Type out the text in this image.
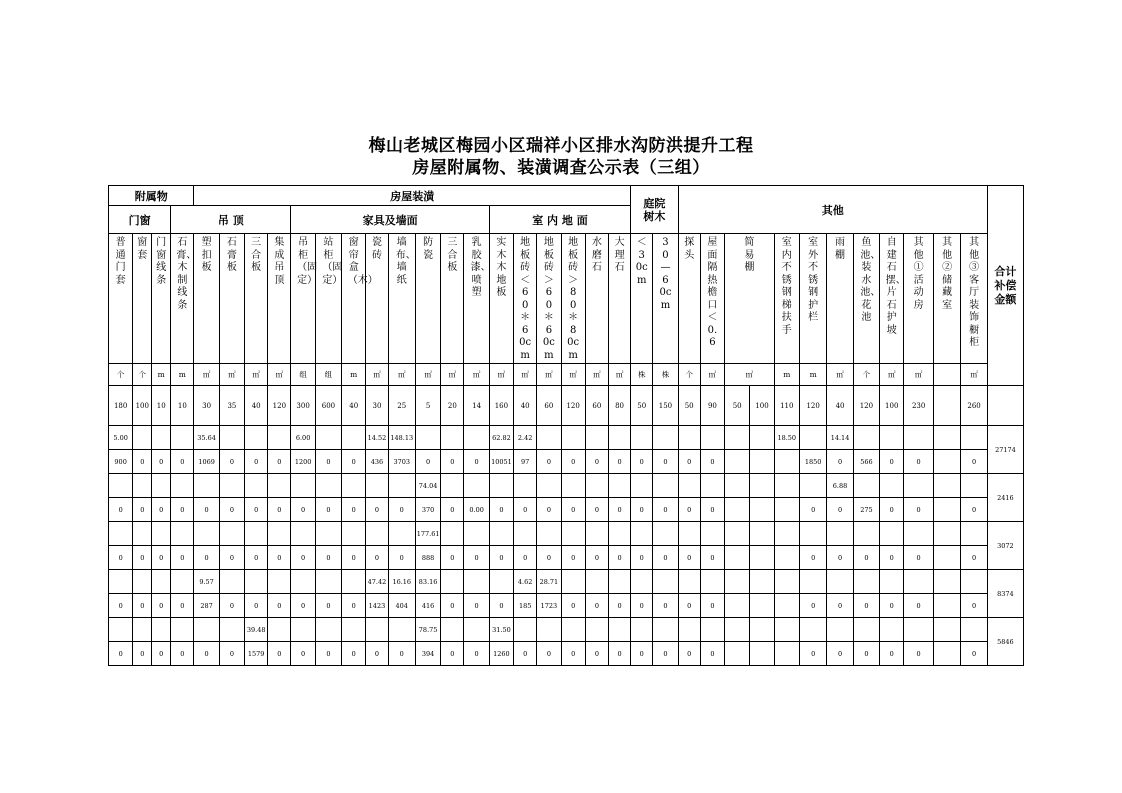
梅山老城区梅园小区瑞祥小区排水沟防洪提升工程
房屋附属物、装潢调查公示表（三组）
附属物				房屋装潢																		庭院树木		其他												合计补偿金额

门窗			吊 顶					家具及墙面								室 内 地 面																				

普通门套	窗套	门窗线条	石膏、木制线条	塑扣板	石膏板	三合板	集成吊顶	吊柜（固定）	站柜（固定）	窗帘盒（木）	瓷砖	墙布、墙纸	防瓷	三合板	乳胶漆、喷塑	实木木地板	地板砖＜60＊60cm	地板砖＞60＊60cm	地板砖＞80＊80cm	水磨石	大理石	＜30cm	30—60cm	探头	屋面隔热檐口＜0.6	简易棚		室内不锈钢梯扶手	室外不锈钢护栏	雨棚	鱼池、装水池、花池	自建石摆、片石护坡	其他①活动房	其他②储藏室	其他③客厅装饰橱柜	

个	个	m	m	㎡	㎡	㎡	㎡	组	组	m	㎡	㎡	㎡	㎡	㎡	㎡	㎡	㎡	㎡	㎡	㎡	株	株	个	㎡	㎡		m	m	㎡	个	㎡	㎡		㎡	
180	100	10	10	30	35	40	120	300	600	40	30	25	5	20	14	160	40	60	120	60	80	50	150	50	90	50	100	110	120	40	120	100	230		260	
5.00				35.64				6.00			14.52	148.13				62.82	2.42											18.50		14.14						27174
900	0	0	0	1069	0	0	0	1200	0	0	436	3703	0	0	0	10051	97	0	0	0	0	0	0	0	0				1850	0	566	0	0		0	
													74.04																	6.88						2416
0	0	0	0	0	0	0	0	0	0	0	0	0	370	0	0.00	0	0	0	0	0	0	0	0	0	0				0	0	275	0	0		0	
													177.61																							3072
0	0	0	0	0	0	0	0	0	0	0	0	0	888	0	0	0	0	0	0	0	0	0	0	0	0				0	0	0	0	0		0	
				9.57							47.42	16.16	83.16				4.62	28.71																		8374
0	0	0	0	287	0	0	0	0	0	0	1423	404	416	0	0	0	185	1723	0	0	0	0	0	0	0				0	0	0	0	0		0	
						39.48							78.75			31.50																				5846
0	0	0	0	0	0	1579	0	0	0	0	0	0	394	0	0	1260	0	0	0	0	0	0	0	0	0				0	0	0	0	0		0	
